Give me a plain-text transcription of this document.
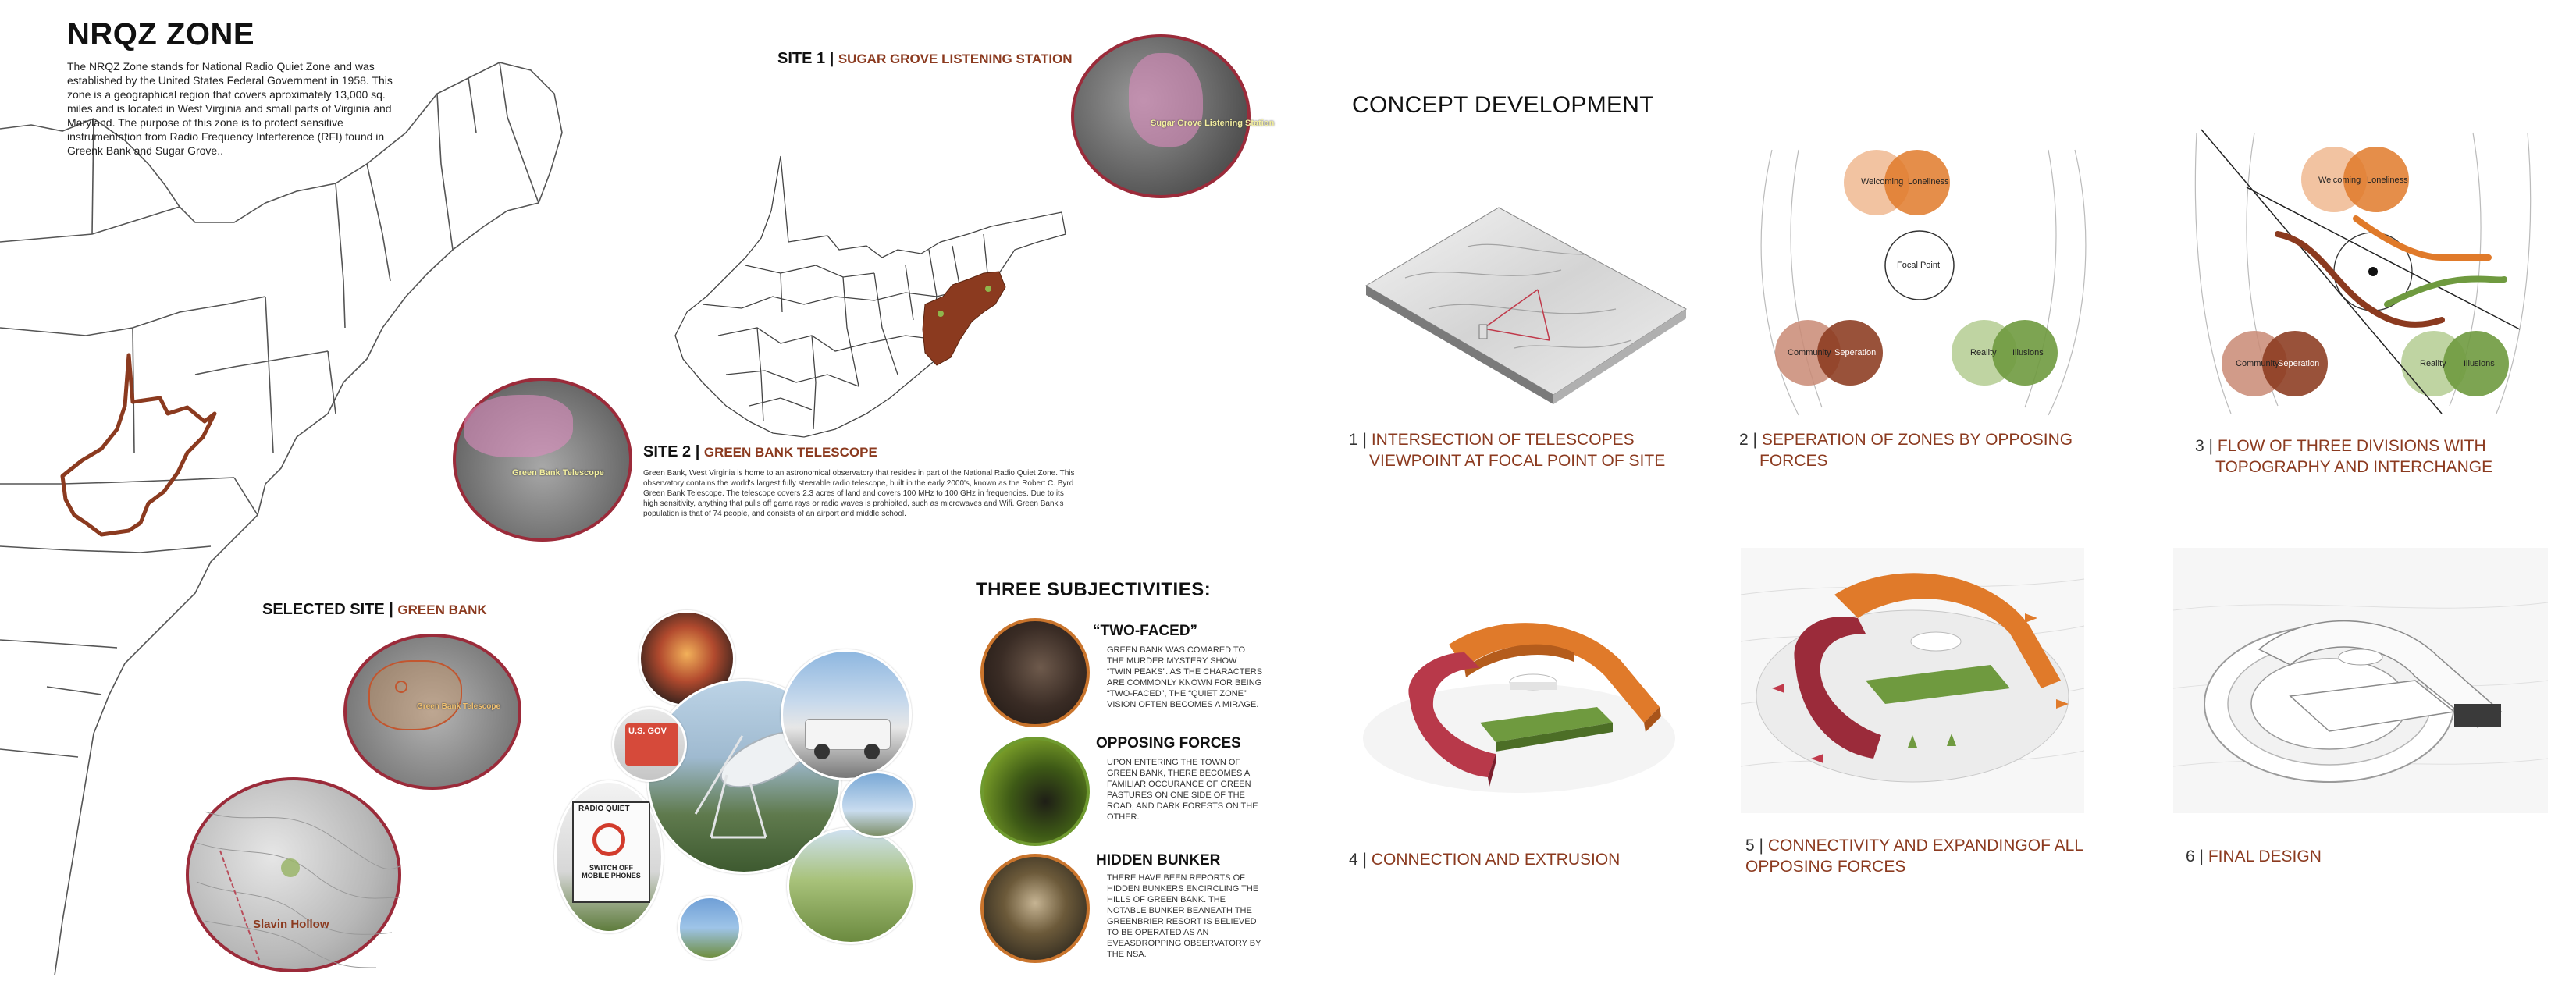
NRQZ ZONE
The NRQZ Zone stands for National Radio Quiet Zone and was established by the United States Federal Government in 1958. This zone is a geographical region that covers aproximately 13,000 sq. miles and is located in West Virginia and small parts of Virginia and Maryland. The purpose of this zone is to protect sensitive instrumentation from Radio Frequency Interference (RFI) found in Greenk Bank and Sugar Grove..
SITE 1 | SUGAR GROVE LISTENING STATION
Sugar Grove Listening Station
Green Bank Telescope
SITE 2 | GREEN BANK TELESCOPE
Green Bank, West Virginia is home to an astronomical observatory that resides in part of the National Radio Quiet Zone. This observatory contains the world's largest fully steerable radio telescope, built in the early 2000's, known as the Robert C. Byrd Green Bank Telescope. The telescope covers 2.3 acres of land and covers 100 MHz to 100 GHz in frequencies. Due to its high sensitivity, anything that pulls off gama rays or radio waves is prohibited, such as microwaves and Wifi. Green Bank's population is that of 74 people, and consists of an airport and middle school.
SELECTED SITE | GREEN BANK
Green Bank Telescope
Slavin Hollow
U.S. GOV
RADIO QUIET
SWITCH OFF MOBILE PHONES
THREE SUBJECTIVITIES:
“TWO-FACED”
GREEN BANK WAS COMARED TO THE MURDER MYSTERY SHOW “TWIN PEAKS”. AS THE CHARACTERS ARE COMMONLY KNOWN FOR BEING “TWO-FACED”, THE “QUIET ZONE” VISION OFTEN BECOMES A MIRAGE.
OPPOSING FORCES
UPON ENTERING THE TOWN OF GREEN BANK, THERE BECOMES A FAMILIAR OCCURANCE OF GREEN PASTURES ON ONE SIDE OF THE ROAD, AND DARK FORESTS ON THE OTHER.
HIDDEN BUNKER
THERE HAVE BEEN REPORTS OF HIDDEN BUNKERS ENCIRCLING THE HILLS OF GREEN BANK. THE NOTABLE BUNKER BEANEATH THE GREENBRIER RESORT IS BELIEVED TO BE OPERATED AS AN EVEASDROPPING OBSERVATORY BY THE NSA.
CONCEPT DEVELOPMENT
Welcoming Loneliness
Focal Point
Community Seperation	Reality Illusions
Welcoming Loneliness
Community
Seperation	Reality Illusions
1 | INTERSECTION OF TELESCOPES
VIEWPOINT AT FOCAL POINT OF SITE
2 | SEPERATION OF ZONES BY OPPOSING
FORCES
3 | FLOW OF THREE DIVISIONS WITH
TOPOGRAPHY AND INTERCHANGE
4 | CONNECTION AND EXTRUSION
5 | CONNECTIVITY AND EXPANDINGOF ALL
OPPOSING FORCES
6 | FINAL DESIGN
